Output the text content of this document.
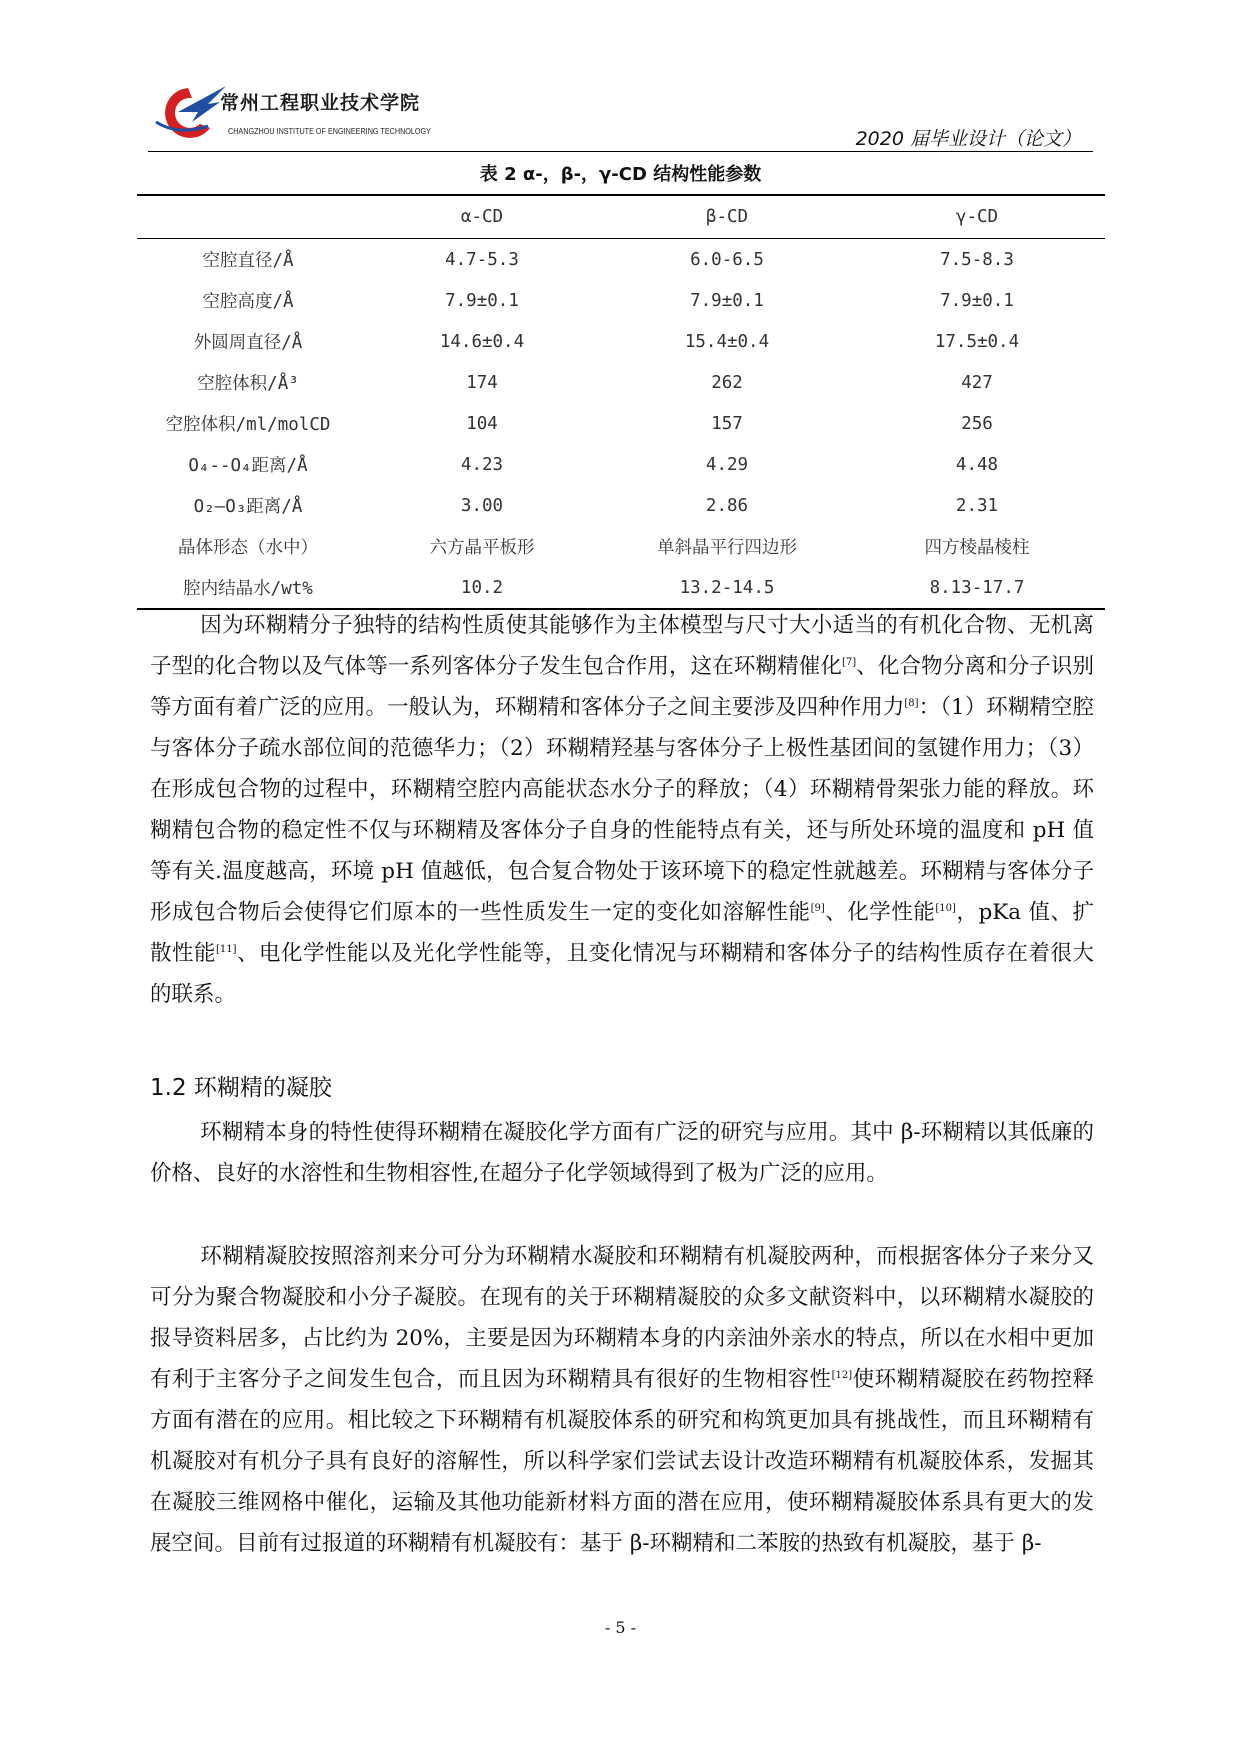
常州工程职业技术学院
CHANGZHOU INSTITUTE OF ENGINEERING TECHNOLOGY	2020 届毕业设计（论文）
表 2 α-，β-，γ-CD 结构性能参数
	α-CD	β-CD	γ-CD
空腔直径/Å	4.7-5.3	6.0-6.5	7.5-8.3
空腔高度/Å	7.9±0.1	7.9±0.1	7.9±0.1
外圆周直径/Å	14.6±0.4	15.4±0.4	17.5±0.4
空腔体积/Å³	174	262	427
空腔体积/ml/molCD	104	157	256
O₄--O₄距离/Å	4.23	4.29	4.48
O₂—O₃距离/Å	3.00	2.86	2.31
晶体形态（水中）	六方晶平板形	单斜晶平行四边形	四方棱晶棱柱
腔内结晶水/wt%	10.2	13.2-14.5	8.13-17.7

因为环糊精分子独特的结构性质使其能够作为主体模型与尺寸大小适当的有机化合物、无机离子型的化合物以及气体等一系列客体分子发生包合作用，这在环糊精催化[7]、化合物分离和分子识别等方面有着广泛的应用。一般认为，环糊精和客体分子之间主要涉及四种作用力[8]：（1）环糊精空腔与客体分子疏水部位间的范德华力；（2）环糊精羟基与客体分子上极性基团间的氢键作用力；（3）在形成包合物的过程中，环糊精空腔内高能状态水分子的释放；（4）环糊精骨架张力能的释放。环糊精包合物的稳定性不仅与环糊精及客体分子自身的性能特点有关，还与所处环境的温度和 pH 值等有关.温度越高，环境 pH 值越低，包合复合物处于该环境下的稳定性就越差。环糊精与客体分子形成包合物后会使得它们原本的一些性质发生一定的变化如溶解性能[9]、化学性能[10]，pKa 值、扩散性能[11]、电化学性能以及光化学性能等，且变化情况与环糊精和客体分子的结构性质存在着很大的联系。

1.2 环糊精的凝胶

环糊精本身的特性使得环糊精在凝胶化学方面有广泛的研究与应用。其中 β-环糊精以其低廉的价格、良好的水溶性和生物相容性,在超分子化学领域得到了极为广泛的应用。

环糊精凝胶按照溶剂来分可分为环糊精水凝胶和环糊精有机凝胶两种，而根据客体分子来分又可分为聚合物凝胶和小分子凝胶。在现有的关于环糊精凝胶的众多文献资料中，以环糊精水凝胶的报导资料居多，占比约为 20%，主要是因为环糊精本身的内亲油外亲水的特点，所以在水相中更加有利于主客分子之间发生包合，而且因为环糊精具有很好的生物相容性[12]使环糊精凝胶在药物控释方面有潜在的应用。相比较之下环糊精有机凝胶体系的研究和构筑更加具有挑战性，而且环糊精有机凝胶对有机分子具有良好的溶解性，所以科学家们尝试去设计改造环糊精有机凝胶体系，发掘其在凝胶三维网格中催化，运输及其他功能新材料方面的潜在应用，使环糊精凝胶体系具有更大的发展空间。目前有过报道的环糊精有机凝胶有：基于 β-环糊精和二苯胺的热致有机凝胶，基于 β-

- 5 -
